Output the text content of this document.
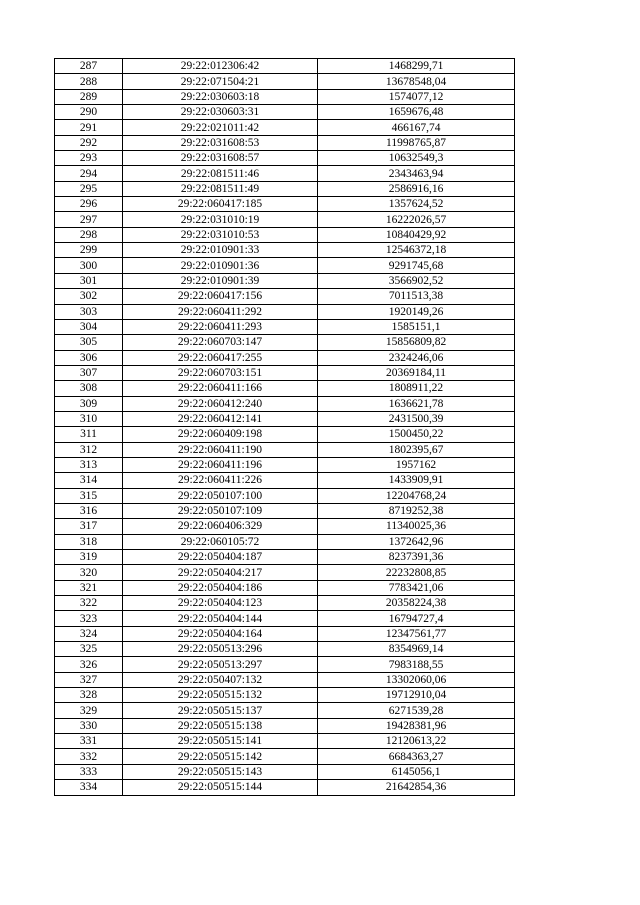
287	29:22:012306:42	1468299,71
288	29:22:071504:21	13678548,04
289	29:22:030603:18	1574077,12
290	29:22:030603:31	1659676,48
291	29:22:021011:42	466167,74
292	29:22:031608:53	11998765,87
293	29:22:031608:57	10632549,3
294	29:22:081511:46	2343463,94
295	29:22:081511:49	2586916,16
296	29:22:060417:185	1357624,52
297	29:22:031010:19	16222026,57
298	29:22:031010:53	10840429,92
299	29:22:010901:33	12546372,18
300	29:22:010901:36	9291745,68
301	29:22:010901:39	3566902,52
302	29:22:060417:156	7011513,38
303	29:22:060411:292	1920149,26
304	29:22:060411:293	1585151,1
305	29:22:060703:147	15856809,82
306	29:22:060417:255	2324246,06
307	29:22:060703:151	20369184,11
308	29:22:060411:166	1808911,22
309	29:22:060412:240	1636621,78
310	29:22:060412:141	2431500,39
311	29:22:060409:198	1500450,22
312	29:22:060411:190	1802395,67
313	29:22:060411:196	1957162
314	29:22:060411:226	1433909,91
315	29:22:050107:100	12204768,24
316	29:22:050107:109	8719252,38
317	29:22:060406:329	11340025,36
318	29:22:060105:72	1372642,96
319	29:22:050404:187	8237391,36
320	29:22:050404:217	22232808,85
321	29:22:050404:186	7783421,06
322	29:22:050404:123	20358224,38
323	29:22:050404:144	16794727,4
324	29:22:050404:164	12347561,77
325	29:22:050513:296	8354969,14
326	29:22:050513:297	7983188,55
327	29:22:050407:132	13302060,06
328	29:22:050515:132	19712910,04
329	29:22:050515:137	6271539,28
330	29:22:050515:138	19428381,96
331	29:22:050515:141	12120613,22
332	29:22:050515:142	6684363,27
333	29:22:050515:143	6145056,1
334	29:22:050515:144	21642854,36
